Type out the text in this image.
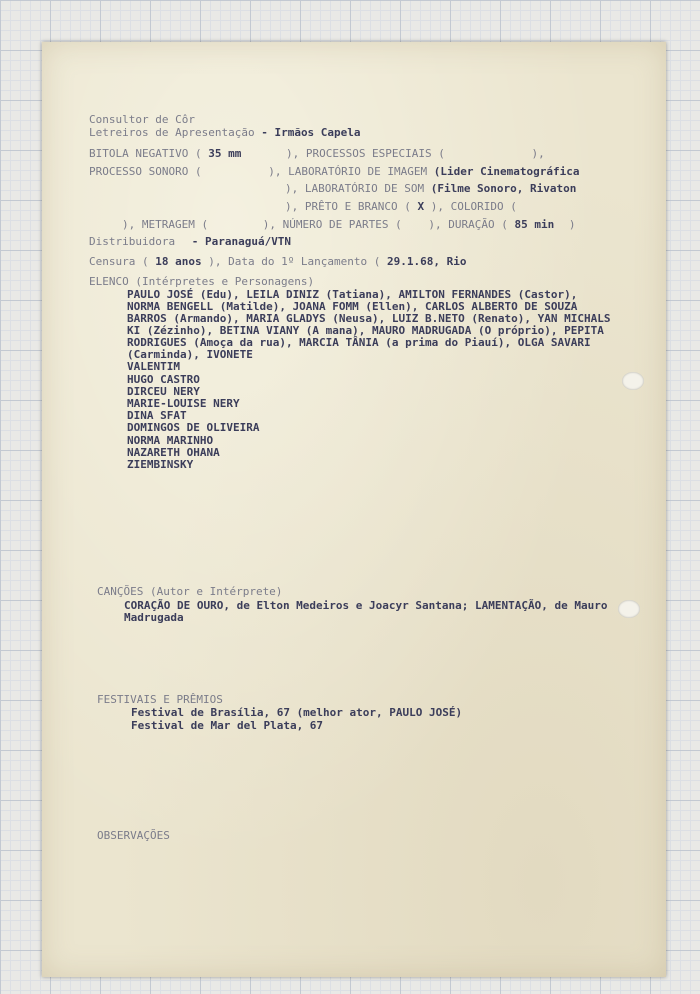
Consultor de Côr
Letreiros de Apresentação - Irmãos Capela
BITOLA NEGATIVO ( 35 mm	), PROCESSOS ESPECIAIS (	),
PROCESSO SONORO (	), LABORATÓRIO DE IMAGEM (Lider Cinematográfica
), LABORATÓRIO DE SOM (Filme Sonoro, Rivaton
), PRÊTO E BRANCO ( X ), COLORIDO (
), METRAGEM (	), NÚMERO DE PARTES ( ), DURAÇÃO ( 85 min )
Distribuidora - Paranaguá/VTN
Censura ( 18 anos ), Data do 1º Lançamento ( 29.1.68, Rio
ELENCO (Intérpretes e Personagens)
PAULO JOSÉ (Edu), LEILA DINIZ (Tatiana), AMILTON FERNANDES (Castor),
NORMA BENGELL (Matilde), JOANA FOMM (Ellen), CARLOS ALBERTO DE SOUZA
BARROS (Armando), MARIA GLADYS (Neusa), LUIZ B.NETO (Renato), YAN MICHALS
KI (Zézinho), BETINA VIANY (A mana), MAURO MADRUGADA (O próprio), PEPITA
RODRIGUES (Amoça da rua), MARCIA TÂNIA (a prima do Piauí), OLGA SAVARI
(Carminda), IVONETE
VALENTIM
HUGO CASTRO
DIRCEU NERY
MARIE-LOUISE NERY
DINA SFAT
DOMINGOS DE OLIVEIRA
NORMA MARINHO
NAZARETH OHANA
ZIEMBINSKY
CANÇÕES (Autor e Intérprete)
CORAÇÃO DE OURO, de Elton Medeiros e Joacyr Santana; LAMENTAÇÃO, de Mauro
Madrugada
FESTIVAIS E PRÊMIOS
Festival de Brasília, 67 (melhor ator, PAULO JOSÉ)
Festival de Mar del Plata, 67
OBSERVAÇÕES
